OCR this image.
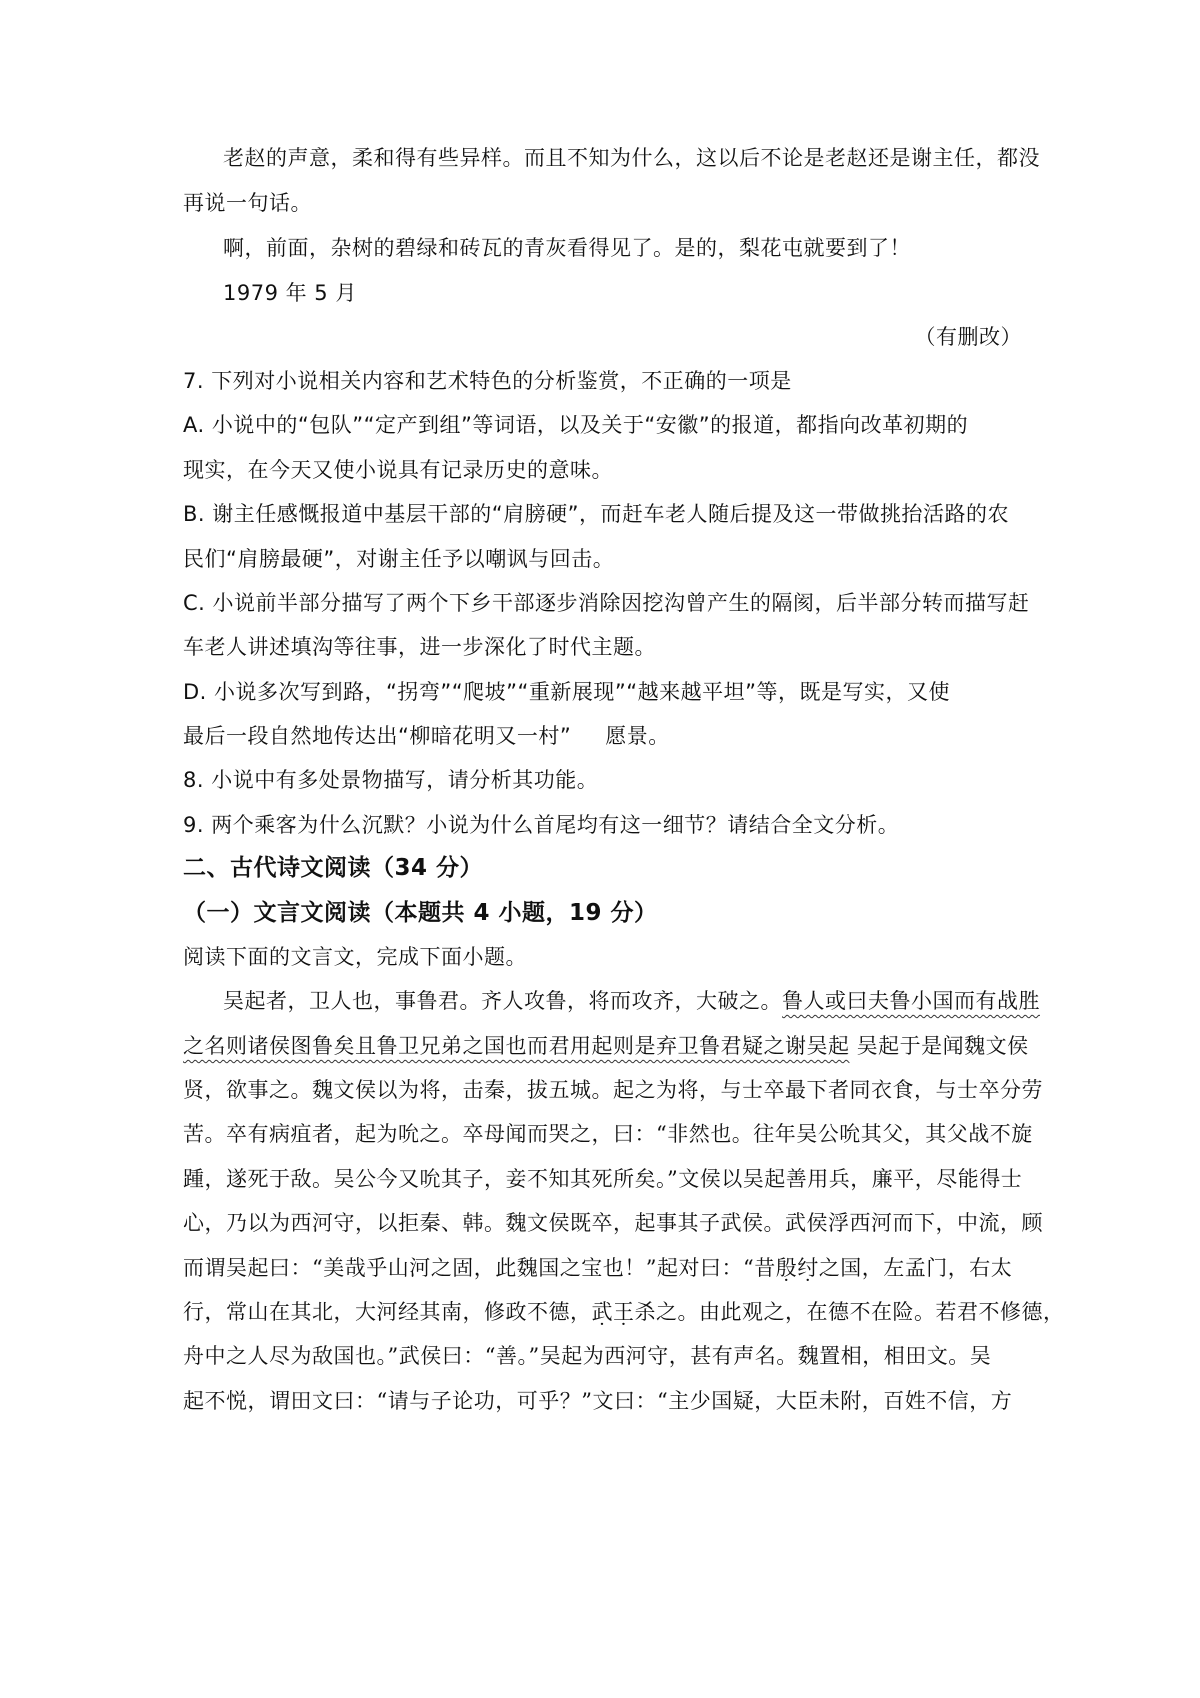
老赵的声意，柔和得有些异样。而且不知为什么，这以后不论是老赵还是谢主任，都没
再说一句话。
啊，前面，杂树的碧绿和砖瓦的青灰看得见了。是的，梨花屯就要到了！
1979 年 5 月
（有删改）
7. 下列对小说相关内容和艺术特色的分析鉴赏，不正确的一项是
A. 小说中的“包队”“定产到组”等词语，以及关于“安徽”的报道，都指向改革初期的
现实，在今天又使小说具有记录历史的意味。
B. 谢主任感慨报道中基层干部的“肩膀硬”，而赶车老人随后提及这一带做挑抬活路的农
民们“肩膀最硬”，对谢主任予以嘲讽与回击。
C. 小说前半部分描写了两个下乡干部逐步消除因挖沟曾产生的隔阂，后半部分转而描写赶
车老人讲述填沟等往事，进一步深化了时代主题。
D. 小说多次写到路，“拐弯”“爬坡”“重新展现”“越来越平坦”等，既是写实，又使
最后一段自然地传达出“柳暗花明又一村” 愿景。
8. 小说中有多处景物描写，请分析其功能。
9. 两个乘客为什么沉默？小说为什么首尾均有这一细节？请结合全文分析。
二、古代诗文阅读（34 分）
（一）文言文阅读（本题共 4 小题，19 分）
阅读下面的文言文，完成下面小题。
吴起者，卫人也，事鲁君。齐人攻鲁，将而攻齐，大破之。鲁人或曰夫鲁小国而有战胜
之名则诸侯图鲁矣且鲁卫兄弟之国也而君用起则是弃卫鲁君疑之谢吴起 吴起于是闻魏文侯
贤，欲事之。魏文侯以为将，击秦，拔五城。起之为将，与士卒最下者同衣食，与士卒分劳
苦。卒有病疽者，起为吮之。卒母闻而哭之，曰：“非然也。往年吴公吮其父，其父战不旋
踵，遂死于敌。吴公今又吮其子，妾不知其死所矣。”文侯以吴起善用兵，廉平，尽能得士
心，乃以为西河守，以拒秦、韩。魏文侯既卒，起事其子武侯。武侯浮西河而下，中流，顾
而谓吴起曰：“美哉乎山河之固，此魏国之宝也！”起对曰：“昔殷纣之国，左孟门，右太
行，常山在其北，大河经其南，修政不德，武王杀之。由此观之，在德不在险。若君不修德，
舟中之人尽为敌国也。”武侯曰：“善。”吴起为西河守，甚有声名。魏置相，相田文。吴
起不悦，谓田文曰：“请与子论功，可乎？”文曰：“主少国疑，大臣未附，百姓不信，方
